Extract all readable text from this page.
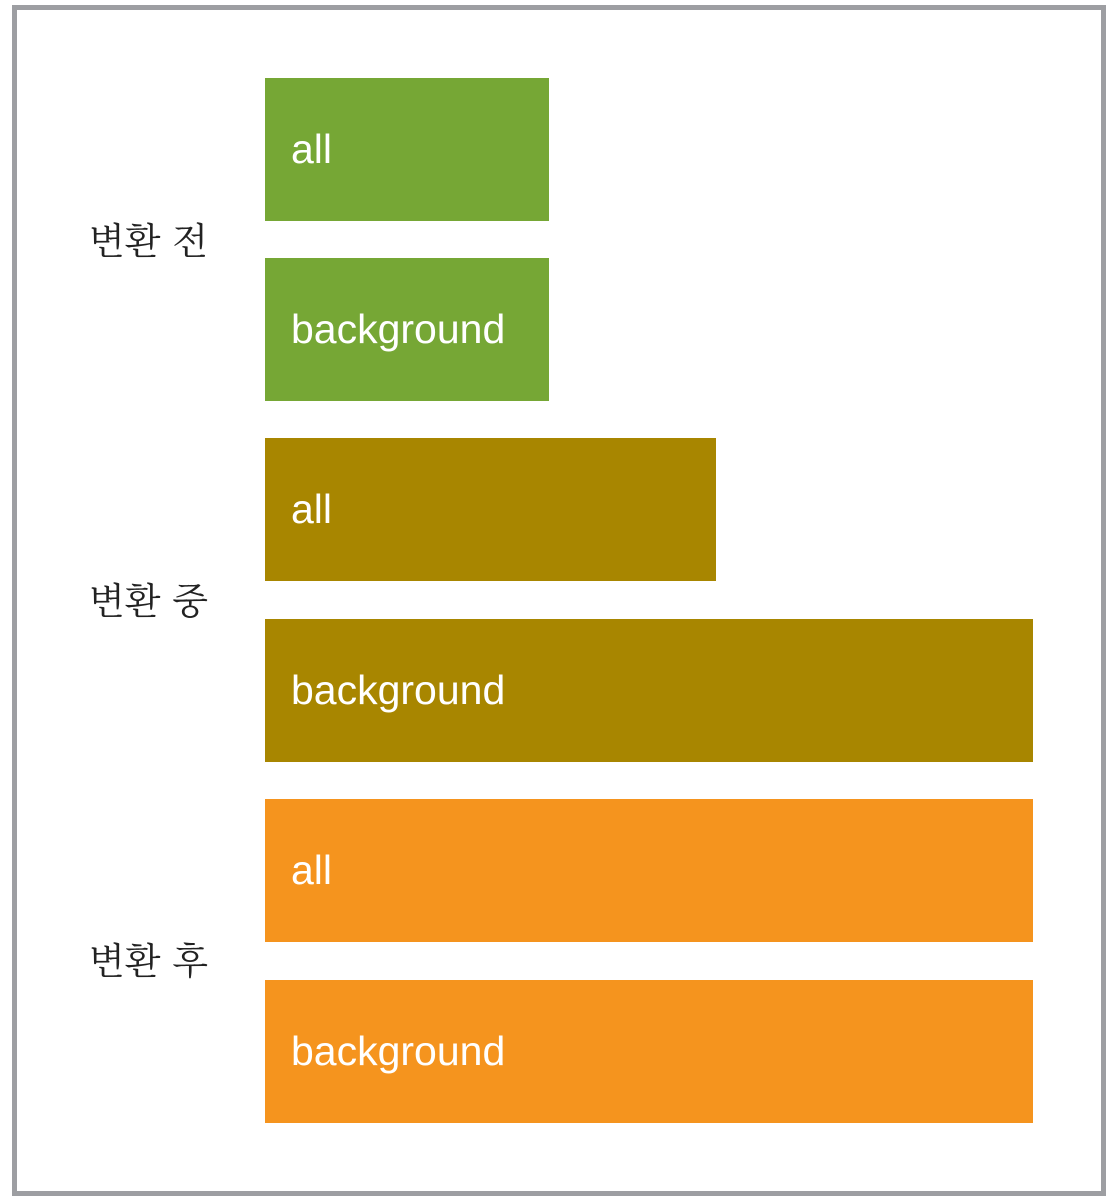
변환 전
all
background
변환 중
all
background
변환 후
all
background
